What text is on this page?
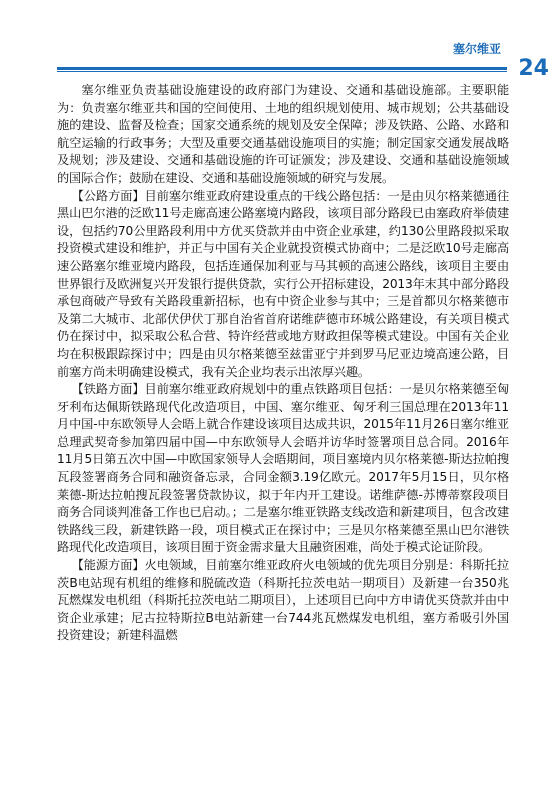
塞尔维亚
24

塞尔维亚负责基础设施建设的政府部门为建设、交通和基础设施部。主要职能为：负责塞尔维亚共和国的空间使用、土地的组织规划使用、城市规划；公共基础设施的建设、监督及检查；国家交通系统的规划及安全保障；涉及铁路、公路、水路和航空运输的行政事务；大型及重要交通基础设施项目的实施；制定国家交通发展战略及规划；涉及建设、交通和基础设施的许可证颁发；涉及建设、交通和基础设施领域的国际合作；鼓励在建设、交通和基础设施领域的研究与发展。

【公路方面】目前塞尔维亚政府建设重点的干线公路包括：一是由贝尔格莱德通往黑山巴尔港的泛欧11号走廊高速公路塞境内路段，该项目部分路段已由塞政府举债建设，包括约70公里路段利用中方优买贷款并由中资企业承建，约130公里路段拟采取投资模式建设和维护，并正与中国有关企业就投资模式协商中；二是泛欧10号走廊高速公路塞尔维亚境内路段，包括连通保加利亚与马其顿的高速公路线，该项目主要由世界银行及欧洲复兴开发银行提供贷款，实行公开招标建设，2013年末其中部分路段承包商破产导致有关路段重新招标，也有中资企业参与其中；三是首都贝尔格莱德市及第二大城市、北部伏伊伏丁那自治省首府诺维萨德市环城公路建设，有关项目模式仍在探讨中，拟采取公私合营、特许经营或地方财政担保等模式建设。中国有关企业均在积极跟踪探讨中；四是由贝尔格莱德至兹雷亚宁并到罗马尼亚边境高速公路，目前塞方尚未明确建设模式，我有关企业均表示出浓厚兴趣。

【铁路方面】目前塞尔维亚政府规划中的重点铁路项目包括：一是贝尔格莱德至匈牙利布达佩斯铁路现代化改造项目，中国、塞尔维亚、匈牙利三国总理在2013年11月中国-中东欧领导人会晤上就合作建设该项目达成共识，2015年11月26日塞尔维亚总理武契奇参加第四届中国—中东欧领导人会晤并访华时签署项目总合同。2016年11月5日第五次中国—中欧国家领导人会晤期间，项目塞境内贝尔格莱德-斯达拉帕搜瓦段签署商务合同和融资备忘录，合同金额3.19亿欧元。2017年5月15日，贝尔格莱德-斯达拉帕搜瓦段签署贷款协议，拟于年内开工建设。诺维萨德-苏博蒂察段项目商务合同谈判准备工作也已启动。；二是塞尔维亚铁路支线改造和新建项目，包含改建铁路线三段，新建铁路一段，项目模式正在探讨中；三是贝尔格莱德至黑山巴尔港铁路现代化改造项目，该项目囿于资金需求量大且融资困难，尚处于模式论证阶段。

【能源方面】火电领域，目前塞尔维亚政府火电领域的优先项目分别是：科斯托拉茨B电站现有机组的维修和脱硫改造（科斯托拉茨电站一期项目）及新建一台350兆瓦燃煤发电机组（科斯托拉茨电站二期项目），上述项目已向中方申请优买贷款并由中资企业承建；尼古拉特斯拉B电站新建一台744兆瓦燃煤发电机组，塞方希吸引外国投资建设；新建科温燃
